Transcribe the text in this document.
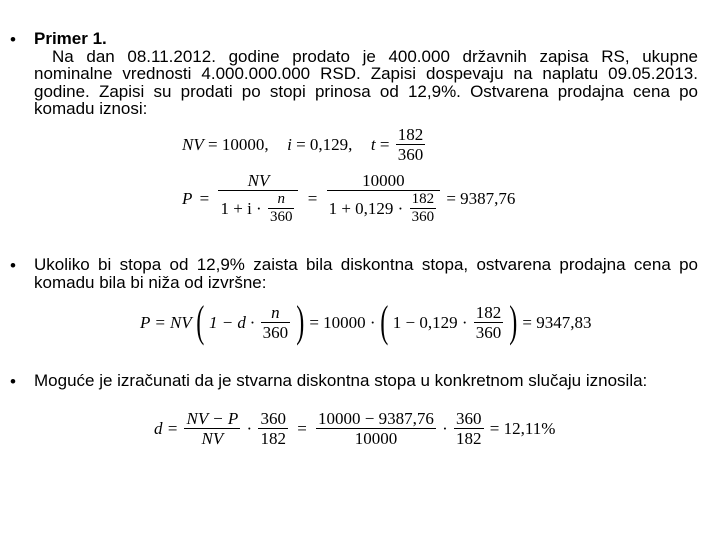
• Primer 1.
Na dan 08.11.2012. godine prodato je 400.000 državnih zapisa RS, ukupne nominalne vrednosti 4.000.000.000 RSD. Zapisi dospevaju na naplatu 09.05.2013. godine. Zapisi su prodati po stopi prinosa od 12,9%. Ostvarena prodajna cena po komadu iznosi:
NV = 10000, i = 0,129, $t = \frac{182}{360}$
$P = \frac{NV}{1 + i \cdot \frac{n}{360}} = \frac{10000}{1 + 0,129 \cdot \frac{182}{360}} = 9387,76$
• Ukoliko bi stopa od 12,9% zaista bila diskontna stopa, ostvarena prodajna cena po komadu bila bi niža od izvršne:
P = NV ( $1 - d \cdot \frac{n}{360}$ ) = 10000 · ( $1 - 0,129 \cdot \frac{182}{360}$ ) = 9347,83
• Moguće je izračunati da je stvarna diskontna stopa u konkretnom slučaju iznosila:
$d = \frac{NV - P}{NV} \cdot \frac{360}{182} = \frac{10000 - 9387,76}{10000} \cdot \frac{360}{182} = 12,11\%$
